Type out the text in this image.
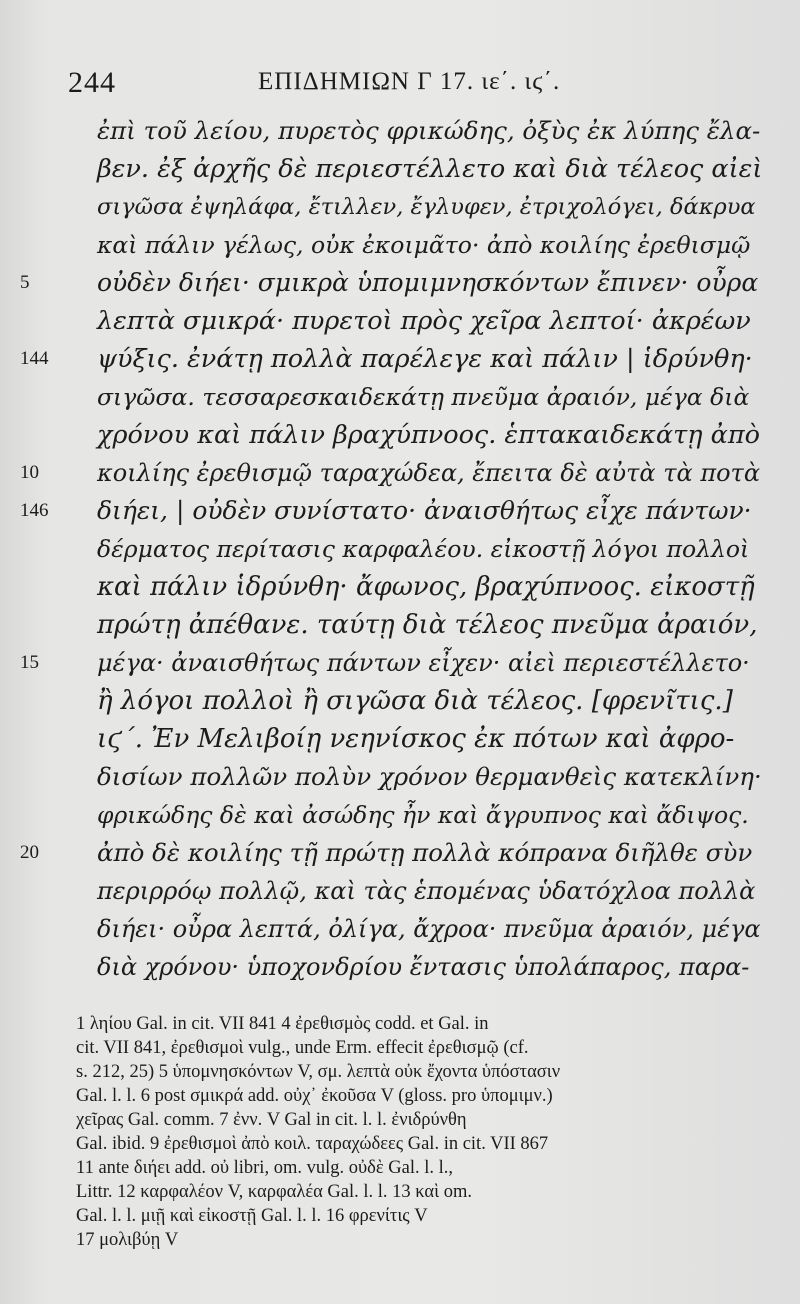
244	ΕΠΙΔΗΜΙΩΝ Γ 17. ιε΄. ιϛ΄.
ἐπὶ τοῦ λείου, πυρετὸς φρικώδης, ὀξὺς ἐκ λύπης ἔλα-
βεν. ἐξ ἀρχῆς δὲ περιεστέλλετο καὶ διὰ τέλεος αἰεὶ
σιγῶσα ἐψηλάφα, ἔτιλλεν, ἔγλυφεν, ἐτριχολόγει, δάκρυα
καὶ πάλιν γέλως, οὐκ ἐκοιμᾶτο· ἀπὸ κοιλίης ἐρεθισμῷ
5	οὐδὲν διήει· σμικρὰ ὑπομιμνησκόντων ἔπινεν· οὖρα
λεπτὰ σμικρά· πυρετοὶ πρὸς χεῖρα λεπτοί· ἀκρέων
144	ψύξις. ἐνάτῃ πολλὰ παρέλεγε καὶ πάλιν | ἱδρύνθη·
σιγῶσα. τεσσαρεσκαιδεκάτῃ πνεῦμα ἀραιόν, μέγα διὰ
χρόνου καὶ πάλιν βραχύπνοος. ἑπτακαιδεκάτῃ ἀπὸ
10	κοιλίης ἐρεθισμῷ ταραχώδεα, ἔπειτα δὲ αὐτὰ τὰ ποτὰ
146	διήει, | οὐδὲν συνίστατο· ἀναισθήτως εἶχε πάντων·
δέρματος περίτασις καρφαλέου. εἰκοστῇ λόγοι πολλοὶ
καὶ πάλιν ἱδρύνθη· ἄφωνος, βραχύπνοος. εἰκοστῇ
πρώτῃ ἀπέθανε. ταύτῃ διὰ τέλεος πνεῦμα ἀραιόν,
15	μέγα· ἀναισθήτως πάντων εἶχεν· αἰεὶ περιεστέλλετο·
ἢ λόγοι πολλοὶ ἢ σιγῶσα διὰ τέλεος. [φρενῖτις.]
ιϛ΄. Ἐν Μελιβοίῃ νεηνίσκος ἐκ πότων καὶ ἀφρο-
δισίων πολλῶν πολὺν χρόνον θερμανθεὶς κατεκλίνη·
φρικώδης δὲ καὶ ἀσώδης ἦν καὶ ἄγρυπνος καὶ ἄδιψος.
20	ἀπὸ δὲ κοιλίης τῇ πρώτῃ πολλὰ κόπρανα διῆλθε σὺν
περιρρόῳ πολλῷ, καὶ τὰς ἑπομένας ὑδατόχλοα πολλὰ
διήει· οὖρα λεπτά, ὀλίγα, ἄχροα· πνεῦμα ἀραιόν, μέγα
διὰ χρόνου· ὑποχονδρίου ἔντασις ὑπολάπαρος, παρα-
1 ληίου Gal. in cit. VII 841 4 ἐρεθισμὸς codd. et Gal. in
cit. VII 841, ἐρεθισμοὶ vulg., unde Erm. effecit ἐρεθισμῷ (cf.
s. 212, 25) 5 ὑπομνησκόντων V, σμ. λεπτὰ οὐκ ἔχοντα ὑπόστασιν
Gal. l. l. 6 post σμικρά add. οὐχ᾿ ἐκοῦσα V (gloss. pro ὑπομιμν.)
χεῖρας Gal. comm. 7 ἐνν. V Gal in cit. l. l. ἐνιδρύνθη
Gal. ibid. 9 ἐρεθισμοὶ ἀπὸ κοιλ. ταραχώδεες Gal. in cit. VII 867
11 ante διήει add. οὐ libri, om. vulg. οὐδὲ Gal. l. l.,
Littr. 12 καρφαλέον V, καρφαλέα Gal. l. l. 13 καὶ om.
Gal. l. l. μιῇ καὶ εἰκοστῇ Gal. l. l. 16 φρενίτις V
17 μολιβύῃ V
